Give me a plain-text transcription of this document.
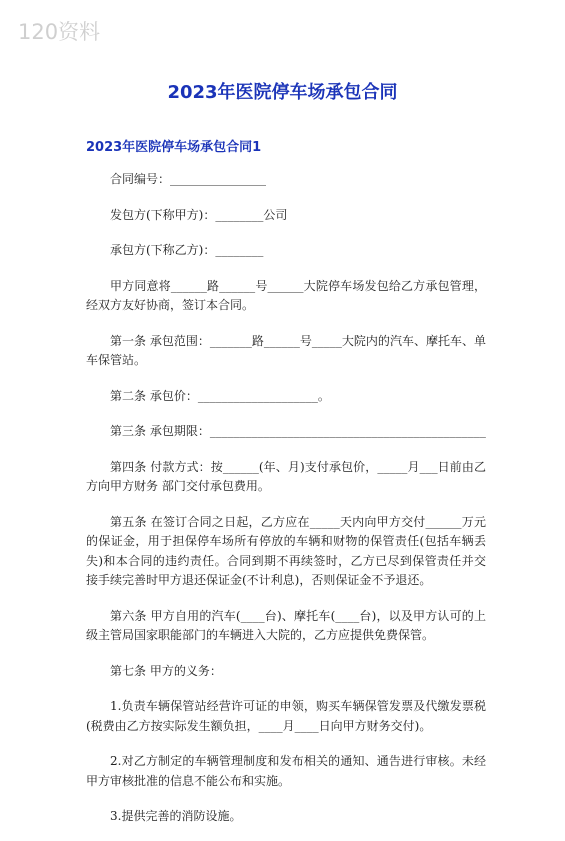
120资料
2023年医院停车场承包合同
2023年医院停车场承包合同1

合同编号：________________

发包方(下称甲方)：________公司

承包方(下称乙方)：________

甲方同意将______路______号______大院停车场发包给乙方承包管理，经双方友好协商，签订本合同。

第一条 承包范围：_______路______号_____大院内的汽车、摩托车、单车保管站。

第二条 承包价：____________________。

第三条 承包期限：______________________________________________

第四条 付款方式：按______(年、月)支付承包价，_____月___日前由乙方向甲方财务 部门交付承包费用。

第五条 在签订合同之日起，乙方应在_____天内向甲方交付______万元的保证金，用于担保停车场所有停放的车辆和财物的保管责任(包括车辆丢失)和本合同的违约责任。合同到期不再续签时，乙方已尽到保管责任并交接手续完善时甲方退还保证金(不计利息)，否则保证金不予退还。

第六条 甲方自用的汽车(____台)、摩托车(____台)，以及甲方认可的上级主管局国家职能部门的车辆进入大院的，乙方应提供免费保管。

第七条 甲方的义务：

1.负责车辆保管站经营许可证的申领，购买车辆保管发票及代缴发票税(税费由乙方按实际发生额负担，____月____日向甲方财务交付)。

2.对乙方制定的车辆管理制度和发布相关的通知、通告进行审核。未经甲方审核批准的信息不能公布和实施。

3.提供完善的消防设施。
